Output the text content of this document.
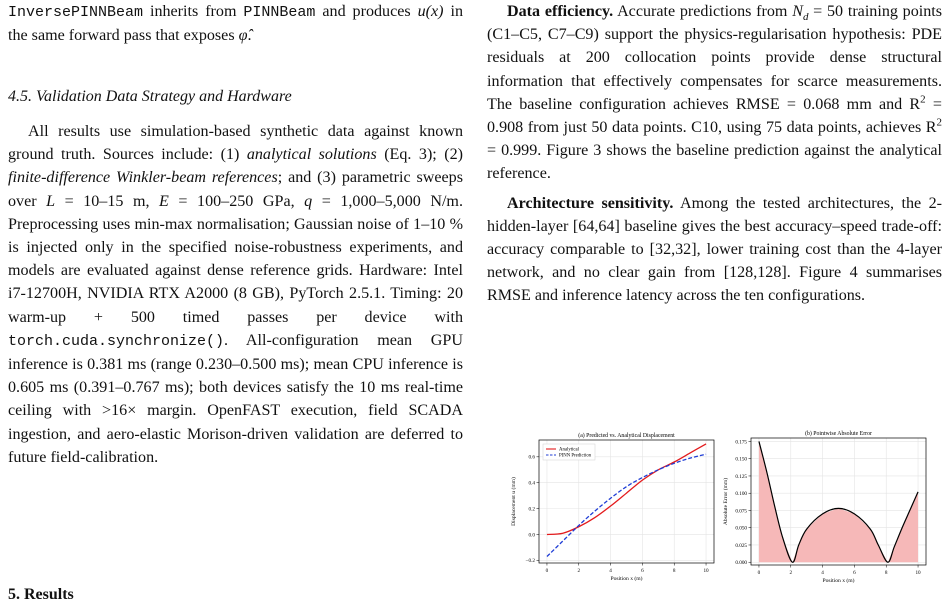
InversePINNBeam inherits from PINNBeam and produces u(x) in the same forward pass that exposes φ̂.

4.5. Validation Data Strategy and Hardware

All results use simulation-based synthetic data against known ground truth. Sources include: (1) analytical solutions (Eq. 3); (2) finite-difference Winkler-beam references; and (3) parametric sweeps over L = 10–15 m, E = 100–250 GPa, q = 1,000–5,000 N/m. Preprocessing uses min-max normalisation; Gaussian noise of 1–10 % is injected only in the specified noise-robustness experiments, and models are evaluated against dense reference grids. Hardware: Intel i7-12700H, NVIDIA RTX A2000 (8 GB), PyTorch 2.5.1. Timing: 20 warm-up + 500 timed passes per device with torch.cuda.synchronize(). All-configuration mean GPU inference is 0.381 ms (range 0.230–0.500 ms); mean CPU inference is 0.605 ms (0.391–0.767 ms); both devices satisfy the 10 ms real-time ceiling with >16× margin. OpenFAST execution, field SCADA ingestion, and aero-elastic Morison-driven validation are deferred to future field-calibration.

5. Results

Data efficiency. Accurate predictions from $N_d = 50$ training points (C1–C5, C7–C9) support the physics-regularisation hypothesis: PDE residuals at 200 collocation points provide dense structural information that effectively compensates for scarce measurements. The baseline configuration achieves RMSE = 0.068 mm and $R^2 = 0.908$ from just 50 data points. C10, using 75 data points, achieves $R^2 = 0.999$. Figure 3 shows the baseline prediction against the analytical reference.

Architecture sensitivity. Among the tested architectures, the 2-hidden-layer [64,64] baseline gives the best accuracy–speed trade-off: accuracy comparable to [32,32], lower training cost than the 4-layer network, and no clear gain from [128,128]. Figure 4 summarises RMSE and inference latency across the ten configurations.

0	2	4	6	8	10
−0.2
0.0
0.2
0.4
0.6
(a) Predicted vs. Analytical Displacement
Position x (m)
Displacement u (mm)
Analytical
PINN Prediction
0	2	4	6	8	10
0.000
0.025
0.050
0.075
0.100
0.125
0.150
0.175
(b) Pointwise Absolute Error
Position x (m)
Absolute Error (mm)
